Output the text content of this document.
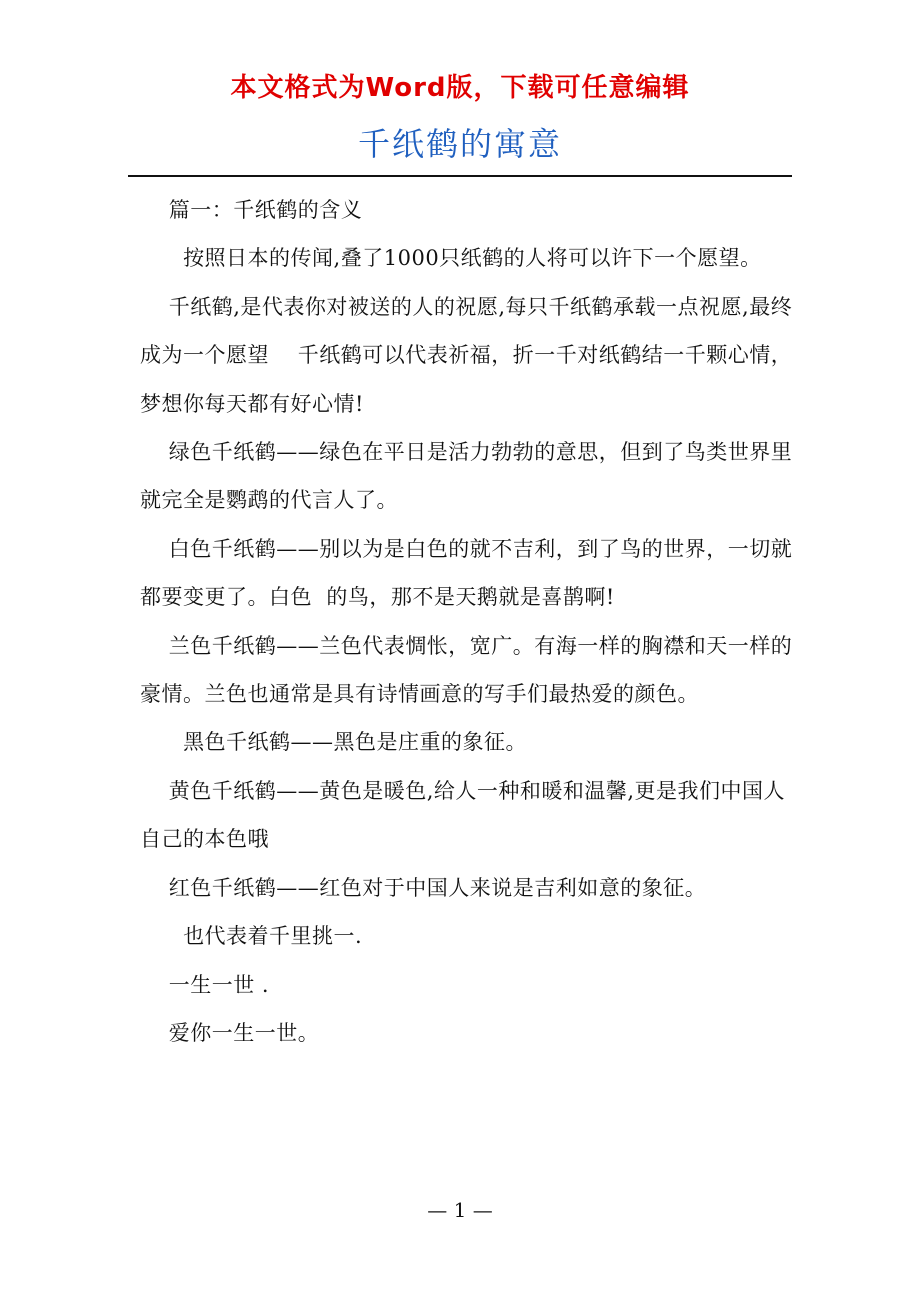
本文格式为Word版，下载可任意编辑
千纸鹤的寓意

篇一：千纸鹤的含义

按照日本的传闻,叠了1000只纸鹤的人将可以许下一个愿望。

千纸鹤,是代表你对被送的人的祝愿,每只千纸鹤承载一点祝愿,最终成为一个愿望    千纸鹤可以代表祈福，折一千对纸鹤结一千颗心情，梦想你每天都有好心情!

绿色千纸鹤——绿色在平日是活力勃勃的意思，但到了鸟类世界里就完全是鹦鹉的代言人了。

白色千纸鹤——别以为是白色的就不吉利，到了鸟的世界，一切就都要变更了。白色  的鸟，那不是天鹅就是喜鹊啊!

兰色千纸鹤——兰色代表惆怅，宽广。有海一样的胸襟和天一样的豪情。兰色也通常是具有诗情画意的写手们最热爱的颜色。

黑色千纸鹤——黑色是庄重的象征。

黄色千纸鹤——黄色是暖色,给人一种和暖和温馨,更是我们中国人自己的本色哦

红色千纸鹤——红色对于中国人来说是吉利如意的象征。

也代表着千里挑一.

一生一世 .

爱你一生一世。

— 1 —
